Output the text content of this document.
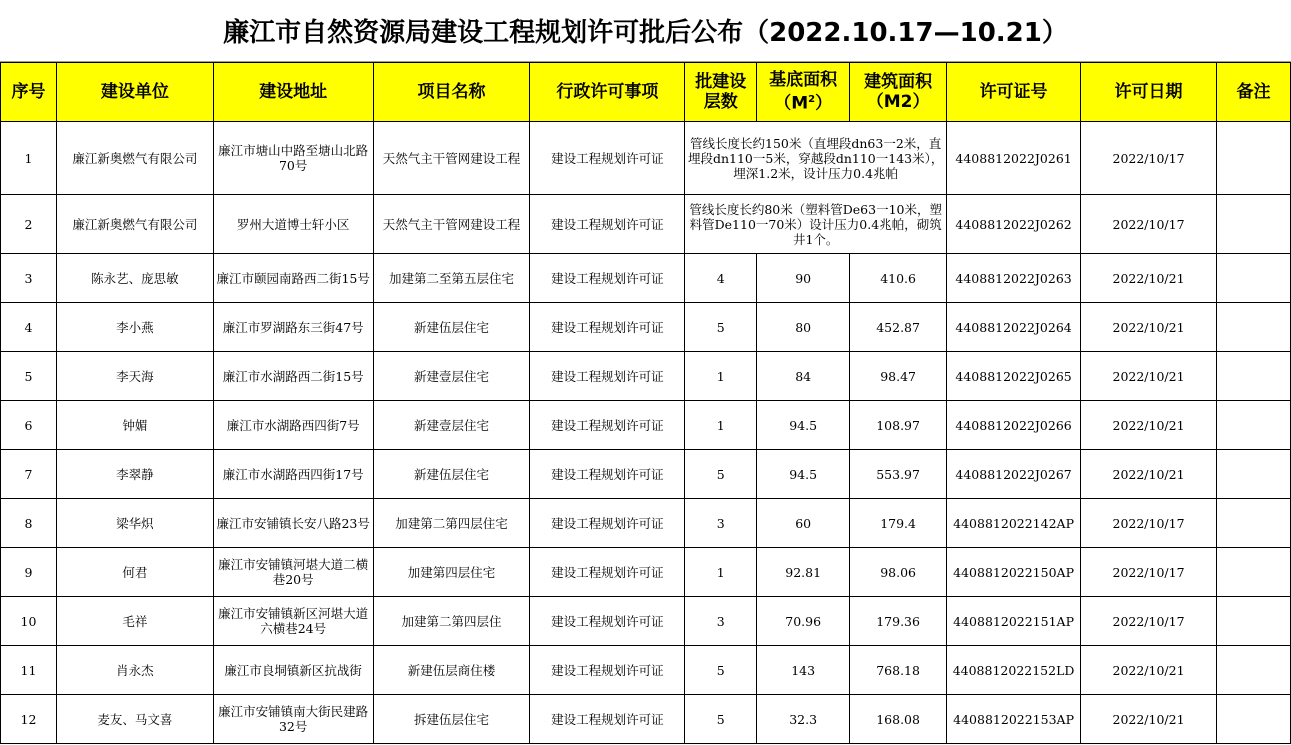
廉江市自然资源局建设工程规划许可批后公布（2022.10.17—10.21）
序号	建设单位	建设地址	项目名称	行政许可事项	批建设层数	基底面积$(M^2)$	建筑面积（M2）	许可证号	许可日期	备注
1	廉江新奥燃气有限公司	廉江市塘山中路至塘山北路70号	天然气主干管网建设工程	建设工程规划许可证	管线长度长约150米（直埋段dn63一2米，直埋段dn110一5米，穿越段dn110一143米），埋深1.2米，设计压力0.4兆帕			4408812022J0261	2022/10/17	
2	廉江新奥燃气有限公司	罗州大道博士轩小区	天然气主干管网建设工程	建设工程规划许可证	管线长度长约80米（塑料管De63一10米，塑料管De110一70米）设计压力0.4兆帕，砌筑井1个。			4408812022J0262	2022/10/17	
3	陈永艺、庞思敏	廉江市颐园南路西二街15号	加建第二至第五层住宅	建设工程规划许可证	4	90	410.6	4408812022J0263	2022/10/21	
4	李小燕	廉江市罗湖路东三街47号	新建伍层住宅	建设工程规划许可证	5	80	452.87	4408812022J0264	2022/10/21	
5	李天海	廉江市水湖路西二街15号	新建壹层住宅	建设工程规划许可证	1	84	98.47	4408812022J0265	2022/10/21	
6	钟媚	廉江市水湖路西四街7号	新建壹层住宅	建设工程规划许可证	1	94.5	108.97	4408812022J0266	2022/10/21	
7	李翠静	廉江市水湖路西四街17号	新建伍层住宅	建设工程规划许可证	5	94.5	553.97	4408812022J0267	2022/10/21	
8	梁华炽	廉江市安铺镇长安八路23号	加建第二第四层住宅	建设工程规划许可证	3	60	179.4	4408812022142AP	2022/10/17	
9	何君	廉江市安铺镇河堪大道二横巷20号	加建第四层住宅	建设工程规划许可证	1	92.81	98.06	4408812022150AP	2022/10/17	
10	毛祥	廉江市安铺镇新区河堪大道六横巷24号	加建第二第四层住	建设工程规划许可证	3	70.96	179.36	4408812022151AP	2022/10/17	
11	肖永杰	廉江市良垌镇新区抗战街	新建伍层商住楼	建设工程规划许可证	5	143	768.18	4408812022152LD	2022/10/21	
12	麦友、马文喜	廉江市安铺镇南大街民建路32号	拆建伍层住宅	建设工程规划许可证	5	32.3	168.08	4408812022153AP	2022/10/21	
